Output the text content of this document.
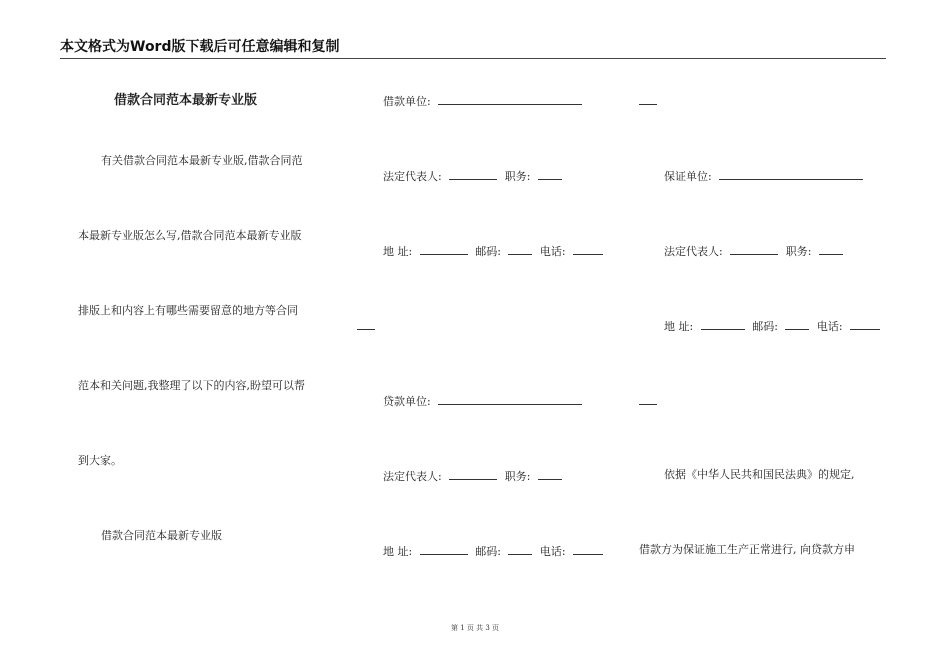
本文格式为Word版下载后可任意编辑和复制
借款合同范本最新专业版
有关借款合同范本最新专业版,借款合同范
本最新专业版怎么写,借款合同范本最新专业版
排版上和内容上有哪些需要留意的地方等合同
范本和关问题,我整理了以下的内容,盼望可以帮
到大家。
借款合同范本最新专业版
借款单位:
法定代表人:	职务:
地 址:	邮码:	电话:
贷款单位:
法定代表人:	职务:
地 址:	邮码:	电话:
保证单位:
法定代表人:	职务:
地 址:	邮码:	电话:
依据《中华人民共和国民法典》的规定,
借款方为保证施工生产正常进行, 向贷款方申
第 1 页 共 3 页
